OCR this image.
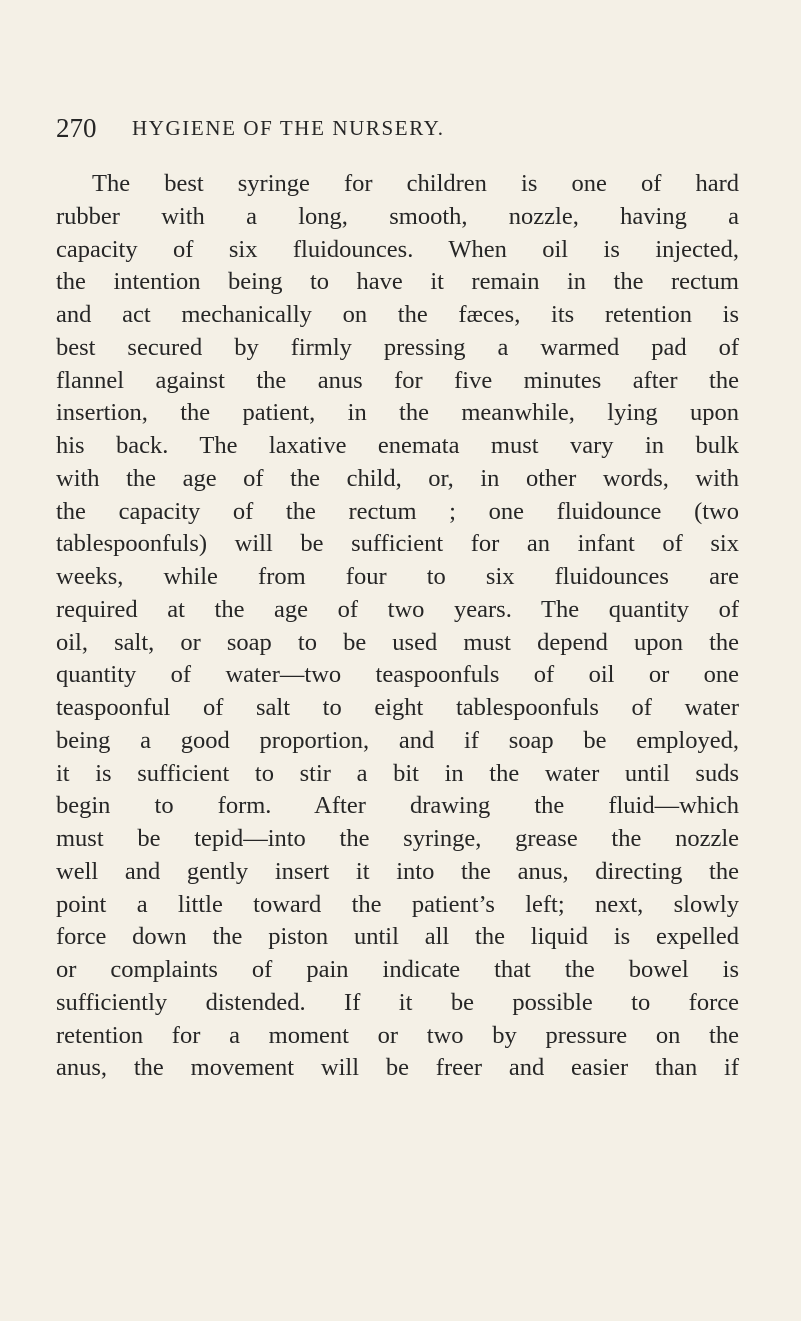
270 HYGIENE OF THE NURSERY.
The best syringe for children is one of hard
rubber with a long, smooth, nozzle, having a
capacity of six fluidounces. When oil is injected,
the intention being to have it remain in the rectum
and act mechanically on the fæces, its retention is
best secured by firmly pressing a warmed pad of
flannel against the anus for five minutes after the
insertion, the patient, in the meanwhile, lying upon
his back. The laxative enemata must vary in bulk
with the age of the child, or, in other words, with
the capacity of the rectum ; one fluidounce (two
tablespoonfuls) will be sufficient for an infant of six
weeks, while from four to six fluidounces are
required at the age of two years. The quantity of
oil, salt, or soap to be used must depend upon the
quantity of water—two teaspoonfuls of oil or one
teaspoonful of salt to eight tablespoonfuls of water
being a good proportion, and if soap be employed,
it is sufficient to stir a bit in the water until suds
begin to form. After drawing the fluid—which
must be tepid—into the syringe, grease the nozzle
well and gently insert it into the anus, directing the
point a little toward the patient’s left; next, slowly
force down the piston until all the liquid is expelled
or complaints of pain indicate that the bowel is
sufficiently distended. If it be possible to force
retention for a moment or two by pressure on the
anus, the movement will be freer and easier than if
